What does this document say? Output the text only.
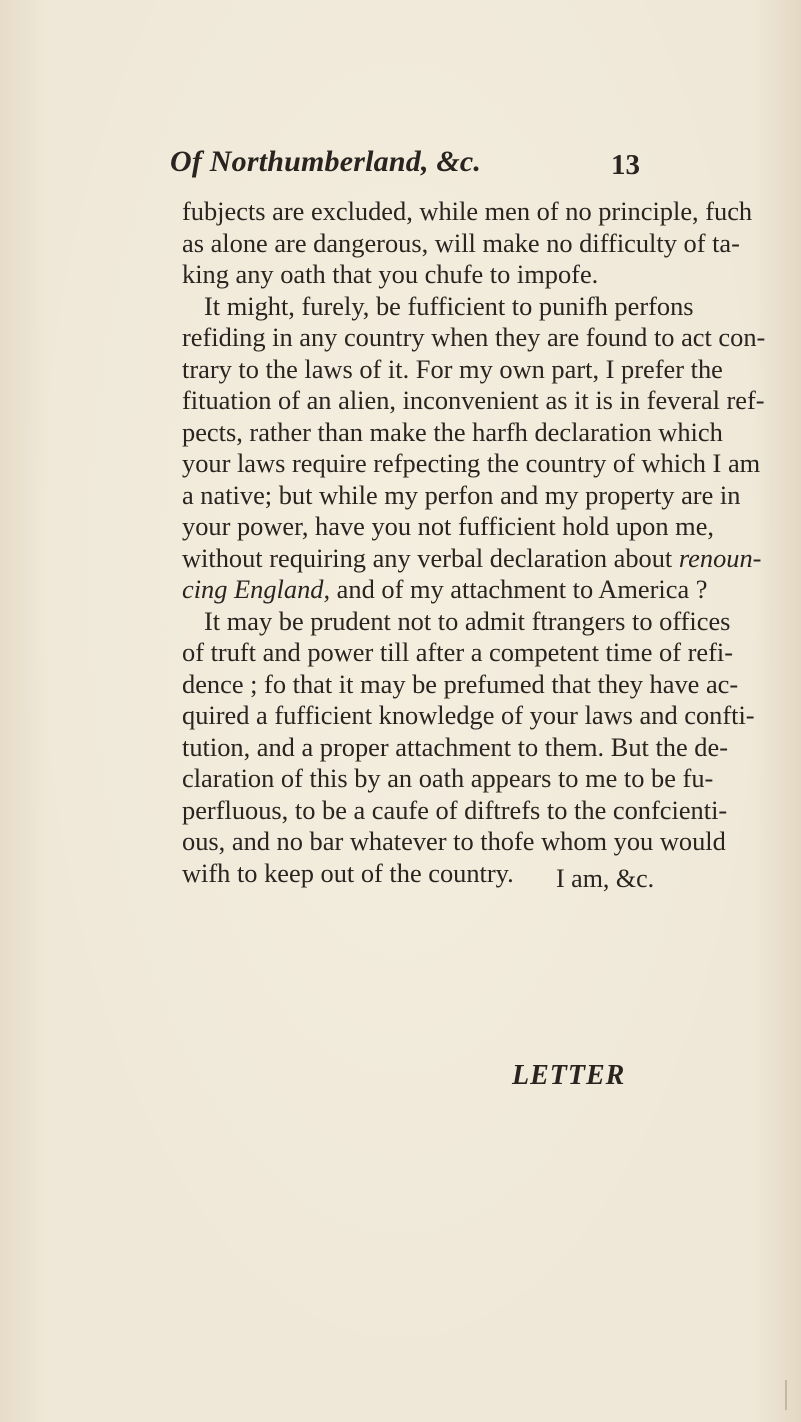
Of Northumberland, &c.	13
fubjects are excluded, while men of no principle, fuch
as alone are dangerous, will make no difficulty of ta-
king any oath that you chufe to impofe.
It might, furely, be fufficient to punifh perfons
refiding in any country when they are found to act con-
trary to the laws of it. For my own part, I prefer the
fituation of an alien, inconvenient as it is in feveral ref-
pects, rather than make the harfh declaration which
your laws require refpecting the country of which I am
a native; but while my perfon and my property are in
your power, have you not fufficient hold upon me,
without requiring any verbal declaration about renoun-
cing England, and of my attachment to America ?
It may be prudent not to admit ftrangers to offices
of truft and power till after a competent time of refi-
dence ; fo that it may be prefumed that they have ac-
quired a fufficient knowledge of your laws and confti-
tution, and a proper attachment to them. But the de-
claration of this by an oath appears to me to be fu-
perfluous, to be a caufe of diftrefs to the confcienti-
ous, and no bar whatever to thofe whom you would
wifh to keep out of the country.	I am, &c.
LETTER
